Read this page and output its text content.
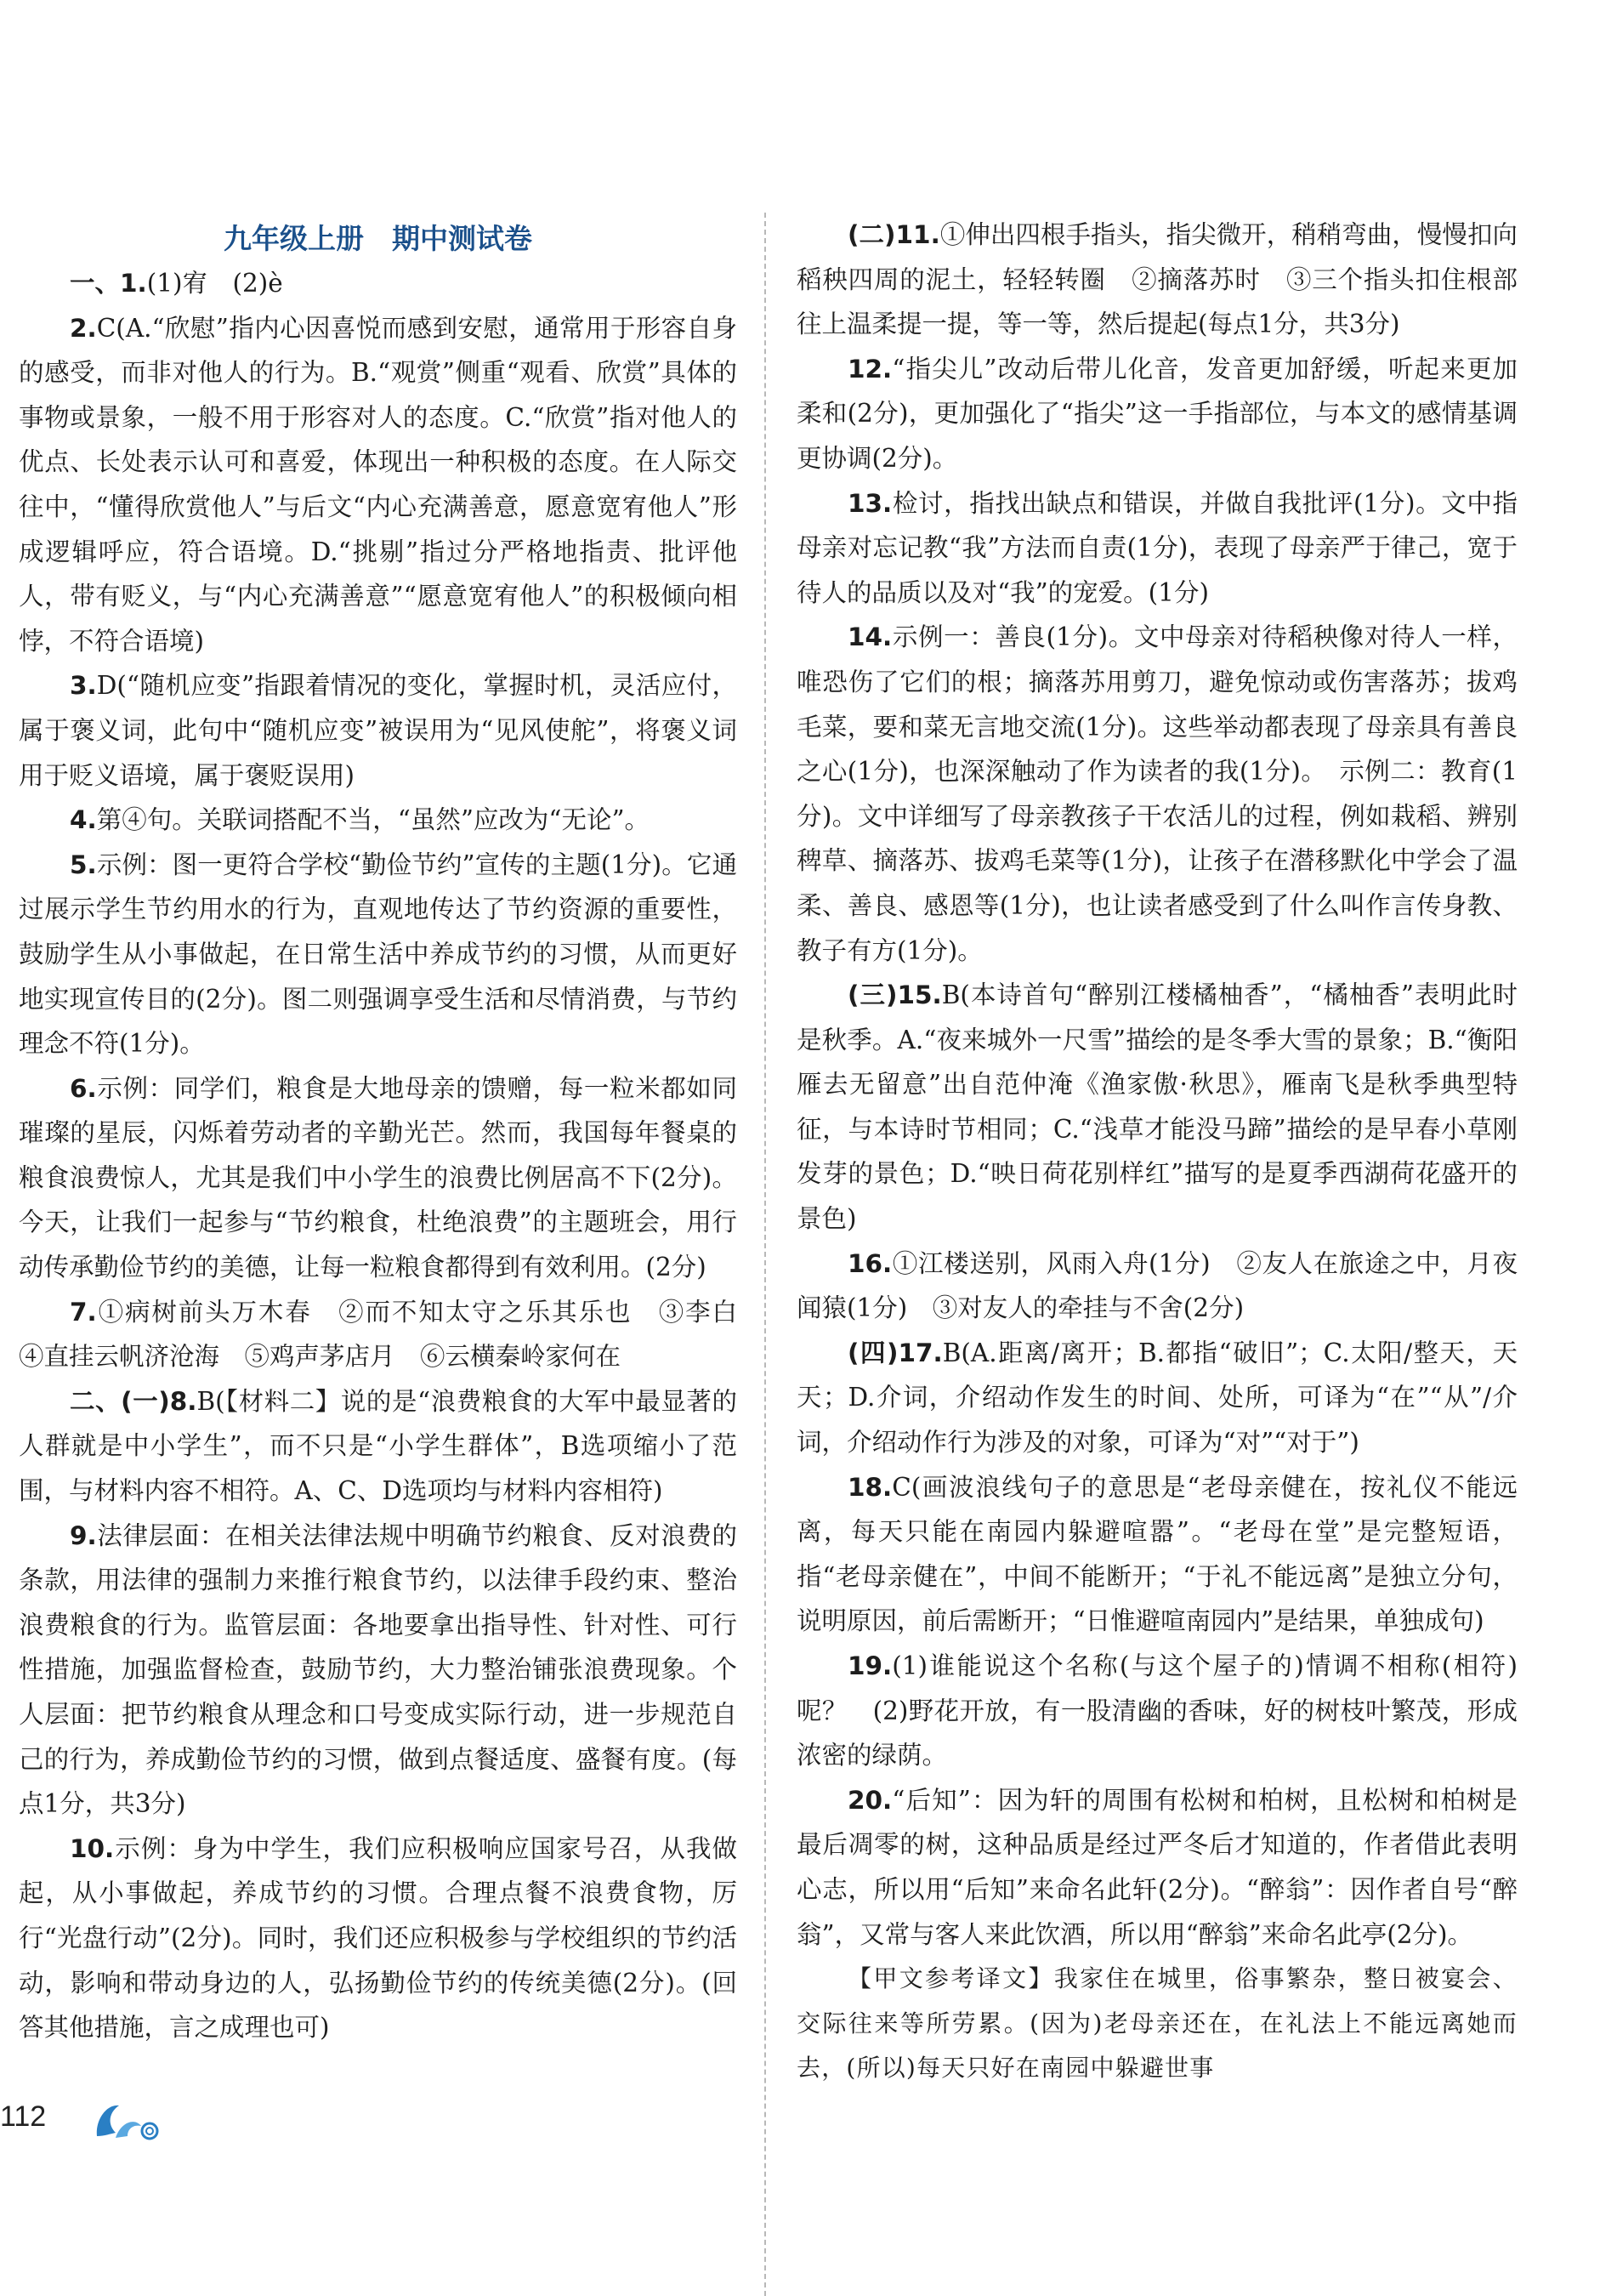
九年级上册　期中测试卷

一、1.(1)宥　(2)è

2.C(A.“欣慰”指内心因喜悦而感到安慰，通常用于形容自身的感受，而非对他人的行为。B.“观赏”侧重“观看、欣赏”具体的事物或景象，一般不用于形容对人的态度。C.“欣赏”指对他人的优点、长处表示认可和喜爱，体现出一种积极的态度。在人际交往中，“懂得欣赏他人”与后文“内心充满善意，愿意宽宥他人”形成逻辑呼应，符合语境。D.“挑剔”指过分严格地指责、批评他人，带有贬义，与“内心充满善意”“愿意宽宥他人”的积极倾向相悖，不符合语境)

3.D(“随机应变”指跟着情况的变化，掌握时机，灵活应付，属于褒义词，此句中“随机应变”被误用为“见风使舵”，将褒义词用于贬义语境，属于褒贬误用)

4.第④句。关联词搭配不当，“虽然”应改为“无论”。

5.示例：图一更符合学校“勤俭节约”宣传的主题(1分)。它通过展示学生节约用水的行为，直观地传达了节约资源的重要性，鼓励学生从小事做起，在日常生活中养成节约的习惯，从而更好地实现宣传目的(2分)。图二则强调享受生活和尽情消费，与节约理念不符(1分)。

6.示例：同学们，粮食是大地母亲的馈赠，每一粒米都如同璀璨的星辰，闪烁着劳动者的辛勤光芒。然而，我国每年餐桌的粮食浪费惊人，尤其是我们中小学生的浪费比例居高不下(2分)。今天，让我们一起参与“节约粮食，杜绝浪费”的主题班会，用行动传承勤俭节约的美德，让每一粒粮食都得到有效利用。(2分)

7.①病树前头万木春　②而不知太守之乐其乐也　③李白　④直挂云帆济沧海　⑤鸡声茅店月　⑥云横秦岭家何在

二、(一)8.B(【材料二】说的是“浪费粮食的大军中最显著的人群就是中小学生”，而不只是“小学生群体”，B选项缩小了范围，与材料内容不相符。A、C、D选项均与材料内容相符)

9.法律层面：在相关法律法规中明确节约粮食、反对浪费的条款，用法律的强制力来推行粮食节约，以法律手段约束、整治浪费粮食的行为。监管层面：各地要拿出指导性、针对性、可行性措施，加强监督检查，鼓励节约，大力整治铺张浪费现象。个人层面：把节约粮食从理念和口号变成实际行动，进一步规范自己的行为，养成勤俭节约的习惯，做到点餐适度、盛餐有度。(每点1分，共3分)

10.示例：身为中学生，我们应积极响应国家号召，从我做起，从小事做起，养成节约的习惯。合理点餐不浪费食物，厉行“光盘行动”(2分)。同时，我们还应积极参与学校组织的节约活动，影响和带动身边的人，弘扬勤俭节约的传统美德(2分)。(回答其他措施，言之成理也可)

(二)11.①伸出四根手指头，指尖微开，稍稍弯曲，慢慢扣向稻秧四周的泥土，轻轻转圈　②摘落苏时　③三个指头扣住根部往上温柔提一提，等一等，然后提起(每点1分，共3分)

12.“指尖儿”改动后带儿化音，发音更加舒缓，听起来更加柔和(2分)，更加强化了“指尖”这一手指部位，与本文的感情基调更协调(2分)。

13.检讨，指找出缺点和错误，并做自我批评(1分)。文中指母亲对忘记教“我”方法而自责(1分)，表现了母亲严于律己，宽于待人的品质以及对“我”的宠爱。(1分)

14.示例一：善良(1分)。文中母亲对待稻秧像对待人一样，唯恐伤了它们的根；摘落苏用剪刀，避免惊动或伤害落苏；拔鸡毛菜，要和菜无言地交流(1分)。这些举动都表现了母亲具有善良之心(1分)，也深深触动了作为读者的我(1分)。　示例二：教育(1分)。文中详细写了母亲教孩子干农活儿的过程，例如栽稻、辨别稗草、摘落苏、拔鸡毛菜等(1分)，让孩子在潜移默化中学会了温柔、善良、感恩等(1分)，也让读者感受到了什么叫作言传身教、教子有方(1分)。

(三)15.B(本诗首句“醉别江楼橘柚香”，“橘柚香”表明此时是秋季。A.“夜来城外一尺雪”描绘的是冬季大雪的景象；B.“衡阳雁去无留意”出自范仲淹《渔家傲·秋思》，雁南飞是秋季典型特征，与本诗时节相同；C.“浅草才能没马蹄”描绘的是早春小草刚发芽的景色；D.“映日荷花别样红”描写的是夏季西湖荷花盛开的景色)

16.①江楼送别，风雨入舟(1分)　②友人在旅途之中，月夜闻猿(1分)　③对友人的牵挂与不舍(2分)

(四)17.B(A.距离/离开；B.都指“破旧”；C.太阳/整天，天天；D.介词，介绍动作发生的时间、处所，可译为“在”“从”/介词，介绍动作行为涉及的对象，可译为“对”“对于”)

18.C(画波浪线句子的意思是“老母亲健在，按礼仪不能远离，每天只能在南园内躲避喧嚣”。“老母在堂”是完整短语，指“老母亲健在”，中间不能断开；“于礼不能远离”是独立分句，说明原因，前后需断开；“日惟避喧南园内”是结果，单独成句)

19.(1)谁能说这个名称(与这个屋子的)情调不相称(相符)呢？　(2)野花开放，有一股清幽的香味，好的树枝叶繁茂，形成浓密的绿荫。

20.“后知”：因为轩的周围有松树和柏树，且松树和柏树是最后凋零的树，这种品质是经过严冬后才知道的，作者借此表明心志，所以用“后知”来命名此轩(2分)。“醉翁”：因作者自号“醉翁”，又常与客人来此饮酒，所以用“醉翁”来命名此亭(2分)。

【甲文参考译文】我家住在城里，俗事繁杂，整日被宴会、交际往来等所劳累。(因为)老母亲还在，在礼法上不能远离她而去，(所以)每天只好在南园中躲避世事

112
